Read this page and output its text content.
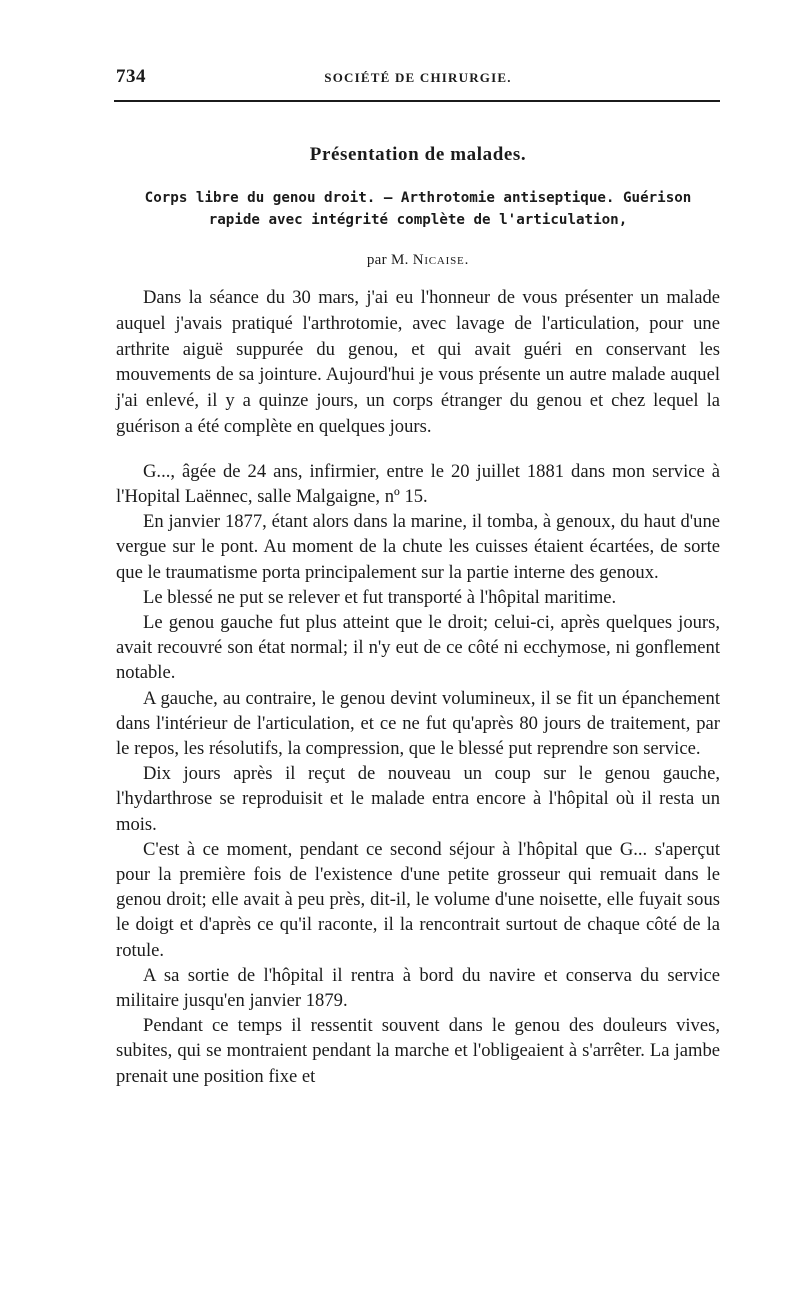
734	SOCIÉTÉ DE CHIRURGIE.
Présentation de malades.
Corps libre du genou droit. — Arthrotomie antiseptique. Guérison
rapide avec intégrité complète de l'articulation,
par M. Nicaise.

Dans la séance du 30 mars, j'ai eu l'honneur de vous présenter un malade auquel j'avais pratiqué l'arthrotomie, avec lavage de l'articulation, pour une arthrite aiguë suppurée du genou, et qui avait guéri en conservant les mouvements de sa jointure. Aujourd'hui je vous présente un autre malade auquel j'ai enlevé, il y a quinze jours, un corps étranger du genou et chez lequel la guérison a été complète en quelques jours.

G..., âgée de 24 ans, infirmier, entre le 20 juillet 1881 dans mon service à l'Hopital Laënnec, salle Malgaigne, nº 15.

En janvier 1877, étant alors dans la marine, il tomba, à genoux, du haut d'une vergue sur le pont. Au moment de la chute les cuisses étaient écartées, de sorte que le traumatisme porta principalement sur la partie interne des genoux.

Le blessé ne put se relever et fut transporté à l'hôpital maritime.

Le genou gauche fut plus atteint que le droit; celui-ci, après quelques jours, avait recouvré son état normal; il n'y eut de ce côté ni ecchymose, ni gonflement notable.

A gauche, au contraire, le genou devint volumineux, il se fit un épanchement dans l'intérieur de l'articulation, et ce ne fut qu'après 80 jours de traitement, par le repos, les résolutifs, la compression, que le blessé put reprendre son service.

Dix jours après il reçut de nouveau un coup sur le genou gauche, l'hydarthrose se reproduisit et le malade entra encore à l'hôpital où il resta un mois.

C'est à ce moment, pendant ce second séjour à l'hôpital que G... s'aperçut pour la première fois de l'existence d'une petite grosseur qui remuait dans le genou droit; elle avait à peu près, dit-il, le volume d'une noisette, elle fuyait sous le doigt et d'après ce qu'il raconte, il la rencontrait surtout de chaque côté de la rotule.

A sa sortie de l'hôpital il rentra à bord du navire et conserva du service militaire jusqu'en janvier 1879.

Pendant ce temps il ressentit souvent dans le genou des douleurs vives, subites, qui se montraient pendant la marche et l'obligeaient à s'arrêter. La jambe prenait une position fixe et
